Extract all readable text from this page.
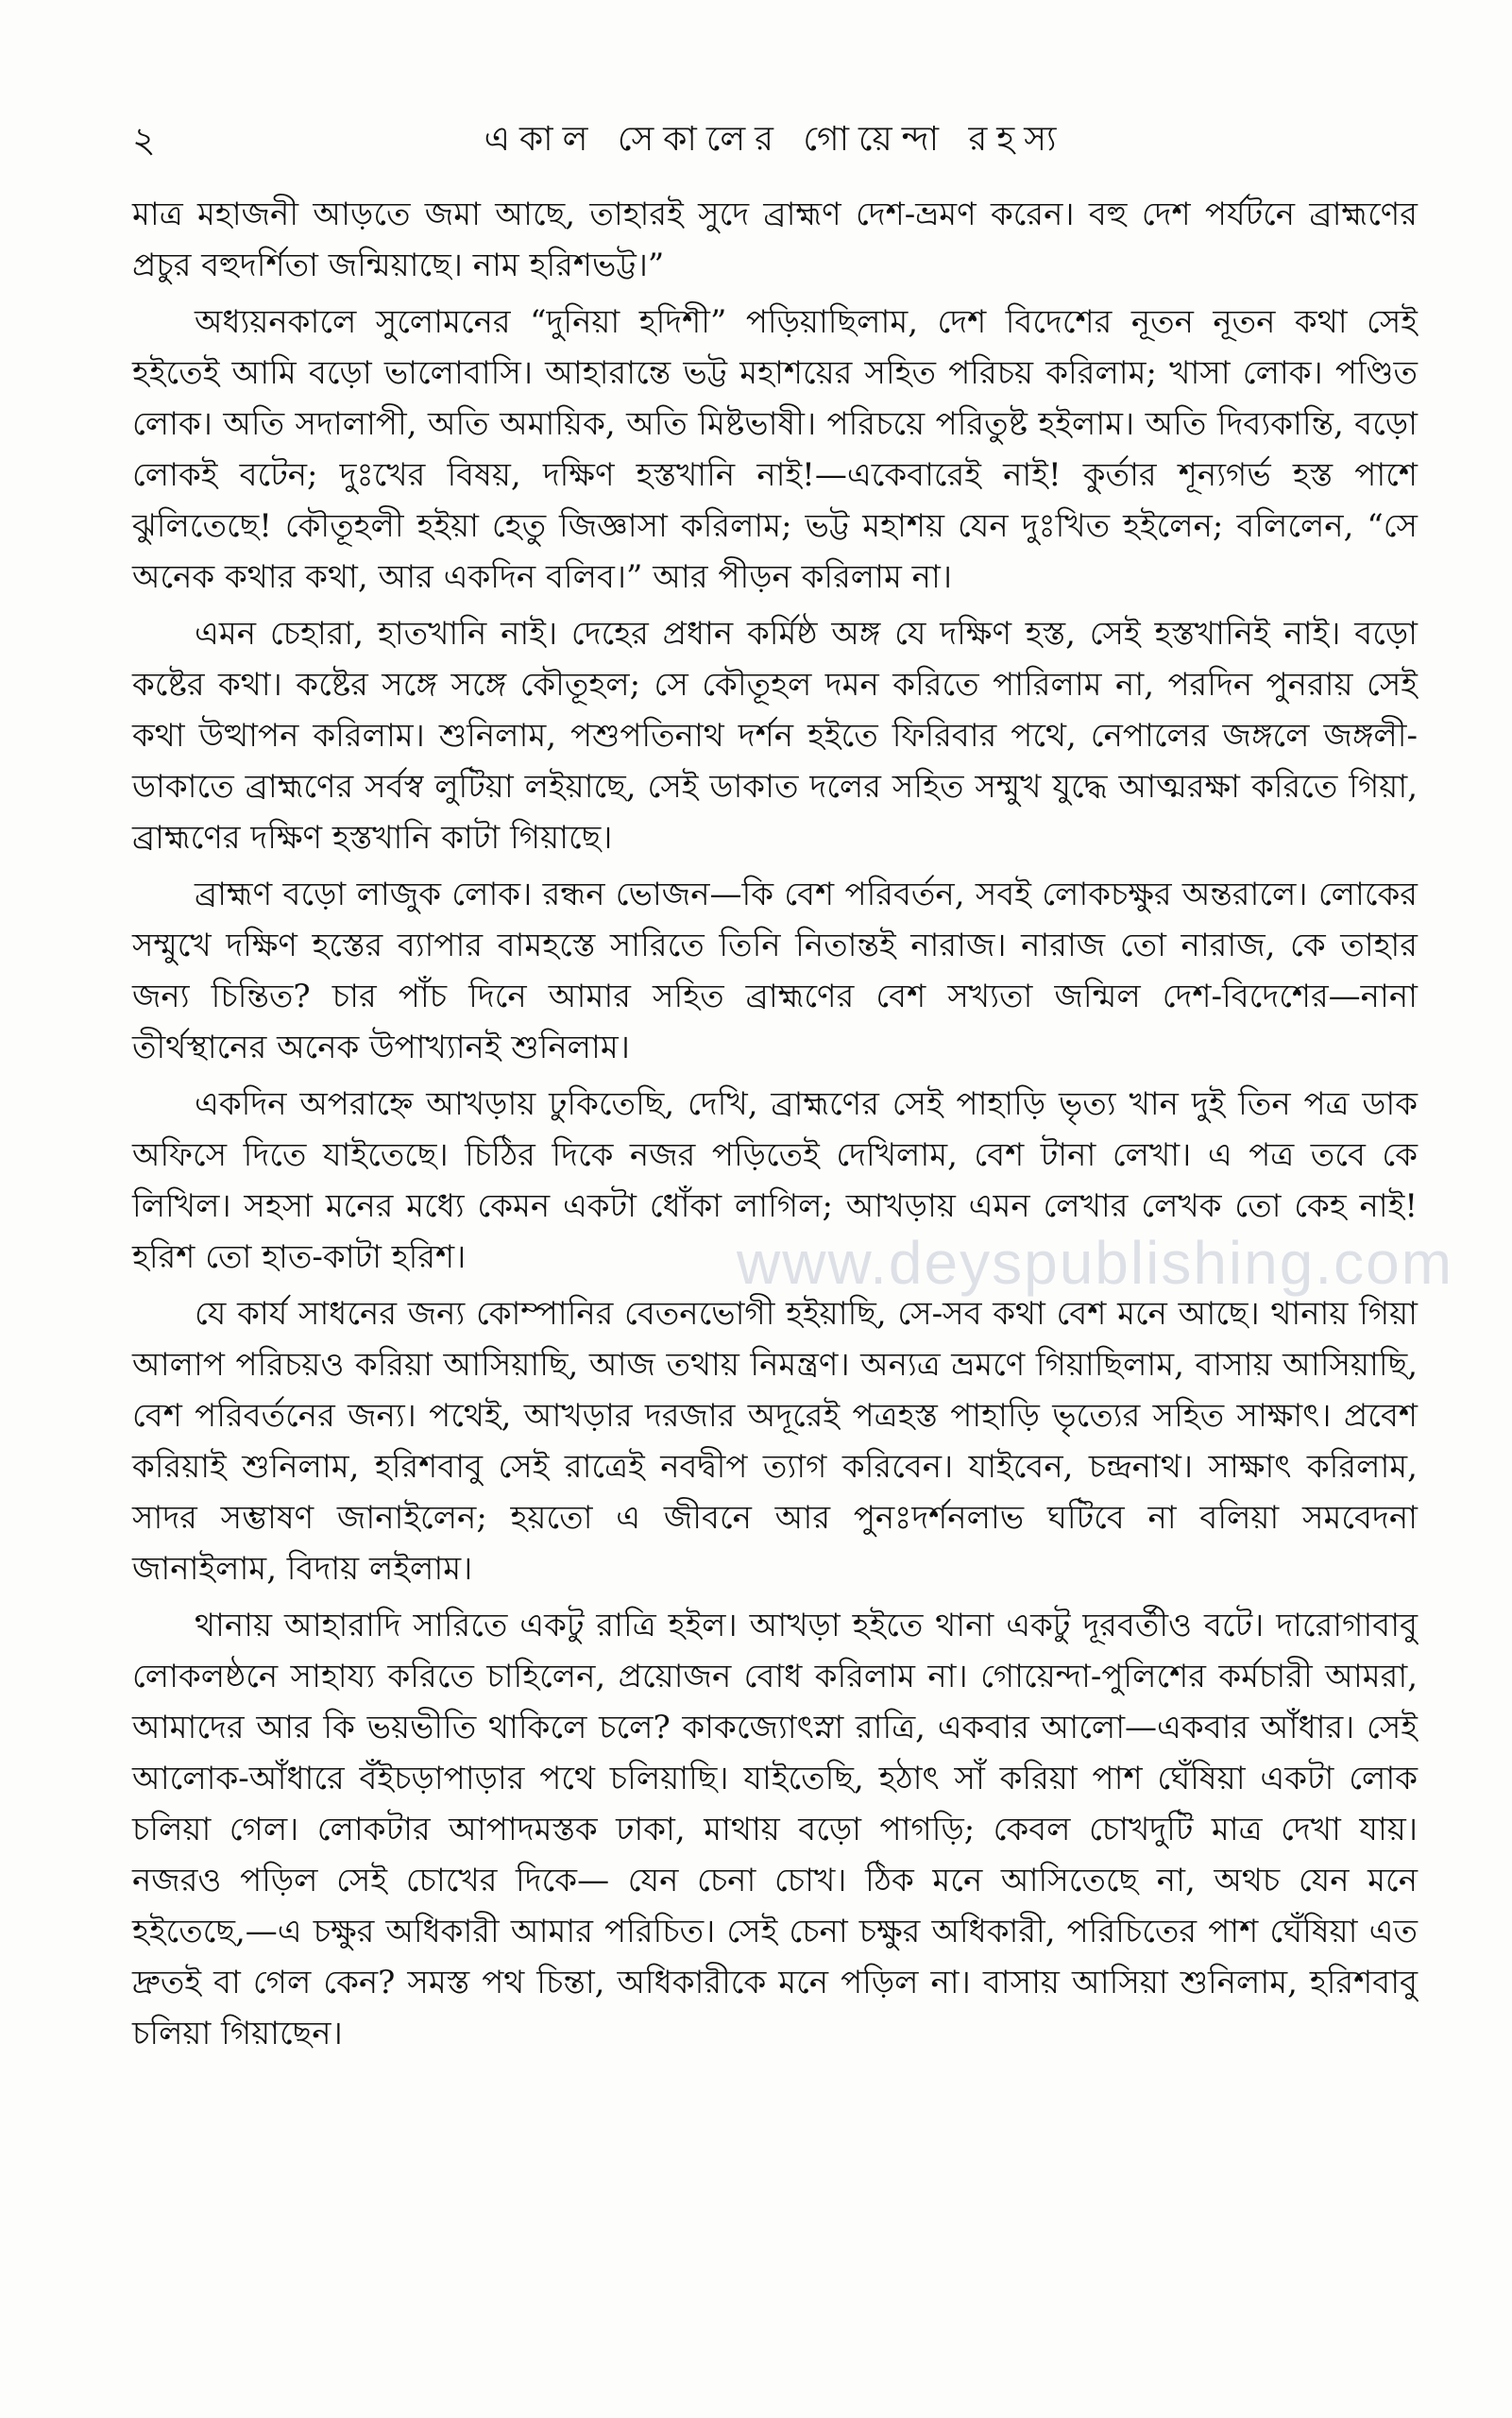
২	একাল সেকালের গোয়েন্দা রহস্য

মাত্র মহাজনী আড়তে জমা আছে, তাহারই সুদে ব্রাহ্মণ দেশ-ভ্রমণ করেন। বহু দেশ পর্যটনে ব্রাহ্মণের প্রচুর বহুদর্শিতা জন্মিয়াছে। নাম হরিশভট্ট।”

অধ্যয়নকালে সুলোমনের “দুনিয়া হদিশী” পড়িয়াছিলাম, দেশ বিদেশের নূতন নূতন কথা সেই হইতেই আমি বড়ো ভালোবাসি। আহারান্তে ভট্ট মহাশয়ের সহিত পরিচয় করিলাম; খাসা লোক। পণ্ডিত লোক। অতি সদালাপী, অতি অমায়িক, অতি মিষ্টভাষী। পরিচয়ে পরিতুষ্ট হইলাম। অতি দিব্যকান্তি, বড়ো লোকই বটেন; দুঃখের বিষয়, দক্ষিণ হস্তখানি নাই!—একেবারেই নাই! কুর্তার শূন্যগর্ভ হস্ত পাশে ঝুলিতেছে! কৌতূহলী হইয়া হেতু জিজ্ঞাসা করিলাম; ভট্ট মহাশয় যেন দুঃখিত হইলেন; বলিলেন, “সে অনেক কথার কথা, আর একদিন বলিব।” আর পীড়ন করিলাম না।

এমন চেহারা, হাতখানি নাই। দেহের প্রধান কর্মিষ্ঠ অঙ্গ যে দক্ষিণ হস্ত, সেই হস্তখানিই নাই। বড়ো কষ্টের কথা। কষ্টের সঙ্গে সঙ্গে কৌতূহল; সে কৌতূহল দমন করিতে পারিলাম না, পরদিন পুনরায় সেই কথা উত্থাপন করিলাম। শুনিলাম, পশুপতিনাথ দর্শন হইতে ফিরিবার পথে, নেপালের জঙ্গলে জঙ্গলী-ডাকাতে ব্রাহ্মণের সর্বস্ব লুটিয়া লইয়াছে, সেই ডাকাত দলের সহিত সম্মুখ যুদ্ধে আত্মরক্ষা করিতে গিয়া, ব্রাহ্মণের দক্ষিণ হস্তখানি কাটা গিয়াছে।

ব্রাহ্মণ বড়ো লাজুক লোক। রন্ধন ভোজন—কি বেশ পরিবর্তন, সবই লোকচক্ষুর অন্তরালে। লোকের সম্মুখে দক্ষিণ হস্তের ব্যাপার বামহস্তে সারিতে তিনি নিতান্তই নারাজ। নারাজ তো নারাজ, কে তাহার জন্য চিন্তিত? চার পাঁচ দিনে আমার সহিত ব্রাহ্মণের বেশ সখ্যতা জন্মিল দেশ-বিদেশের—নানা তীর্থস্থানের অনেক উপাখ্যানই শুনিলাম।

একদিন অপরাহ্নে আখড়ায় ঢুকিতেছি, দেখি, ব্রাহ্মণের সেই পাহাড়ি ভৃত্য খান দুই তিন পত্র ডাক অফিসে দিতে যাইতেছে। চিঠির দিকে নজর পড়িতেই দেখিলাম, বেশ টানা লেখা। এ পত্র তবে কে লিখিল। সহসা মনের মধ্যে কেমন একটা ধোঁকা লাগিল; আখড়ায় এমন লেখার লেখক তো কেহ নাই! হরিশ তো হাত-কাটা হরিশ।

যে কার্য সাধনের জন্য কোম্পানির বেতনভোগী হইয়াছি, সে-সব কথা বেশ মনে আছে। থানায় গিয়া আলাপ পরিচয়ও করিয়া আসিয়াছি, আজ তথায় নিমন্ত্রণ। অন্যত্র ভ্রমণে গিয়াছিলাম, বাসায় আসিয়াছি, বেশ পরিবর্তনের জন্য। পথেই, আখড়ার দরজার অদূরেই পত্রহস্ত পাহাড়ি ভৃত্যের সহিত সাক্ষাৎ। প্রবেশ করিয়াই শুনিলাম, হরিশবাবু সেই রাত্রেই নবদ্বীপ ত্যাগ করিবেন। যাইবেন, চন্দ্রনাথ। সাক্ষাৎ করিলাম, সাদর সম্ভাষণ জানাইলেন; হয়তো এ জীবনে আর পুনঃদর্শনলাভ ঘটিবে না বলিয়া সমবেদনা জানাইলাম, বিদায় লইলাম।

থানায় আহারাদি সারিতে একটু রাত্রি হইল। আখড়া হইতে থানা একটু দূরবর্তীও বটে। দারোগাবাবু লোকলষ্ঠনে সাহায্য করিতে চাহিলেন, প্রয়োজন বোধ করিলাম না। গোয়েন্দা-পুলিশের কর্মচারী আমরা, আমাদের আর কি ভয়ভীতি থাকিলে চলে? কাকজ্যোৎস্না রাত্রি, একবার আলো—একবার আঁধার। সেই আলোক-আঁধারে বঁইচড়াপাড়ার পথে চলিয়াছি। যাইতেছি, হঠাৎ সাঁ করিয়া পাশ ঘেঁষিয়া একটা লোক চলিয়া গেল। লোকটার আপাদমস্তক ঢাকা, মাথায় বড়ো পাগড়ি; কেবল চোখদুটি মাত্র দেখা যায়। নজরও পড়িল সেই চোখের দিকে— যেন চেনা চোখ। ঠিক মনে আসিতেছে না, অথচ যেন মনে হইতেছে,—এ চক্ষুর অধিকারী আমার পরিচিত। সেই চেনা চক্ষুর অধিকারী, পরিচিতের পাশ ঘেঁষিয়া এত দ্রুতই বা গেল কেন? সমস্ত পথ চিন্তা, অধিকারীকে মনে পড়িল না। বাসায় আসিয়া শুনিলাম, হরিশবাবু চলিয়া গিয়াছেন।

www.deyspublishing.com
